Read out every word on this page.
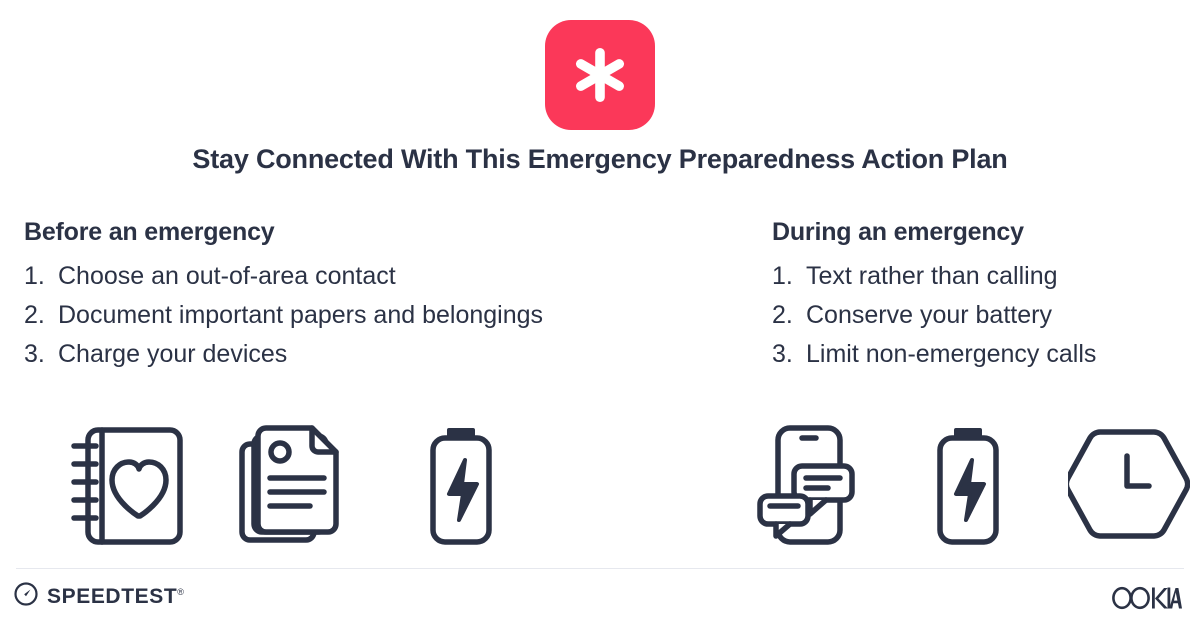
Stay Connected With This Emergency Preparedness Action Plan
Before an emergency
1. Choose an out-of-area contact
2. Document important papers and belongings
3. Charge your devices
During an emergency
1. Text rather than calling
2. Conserve your battery
3. Limit non-emergency calls
SPEEDTEST®
